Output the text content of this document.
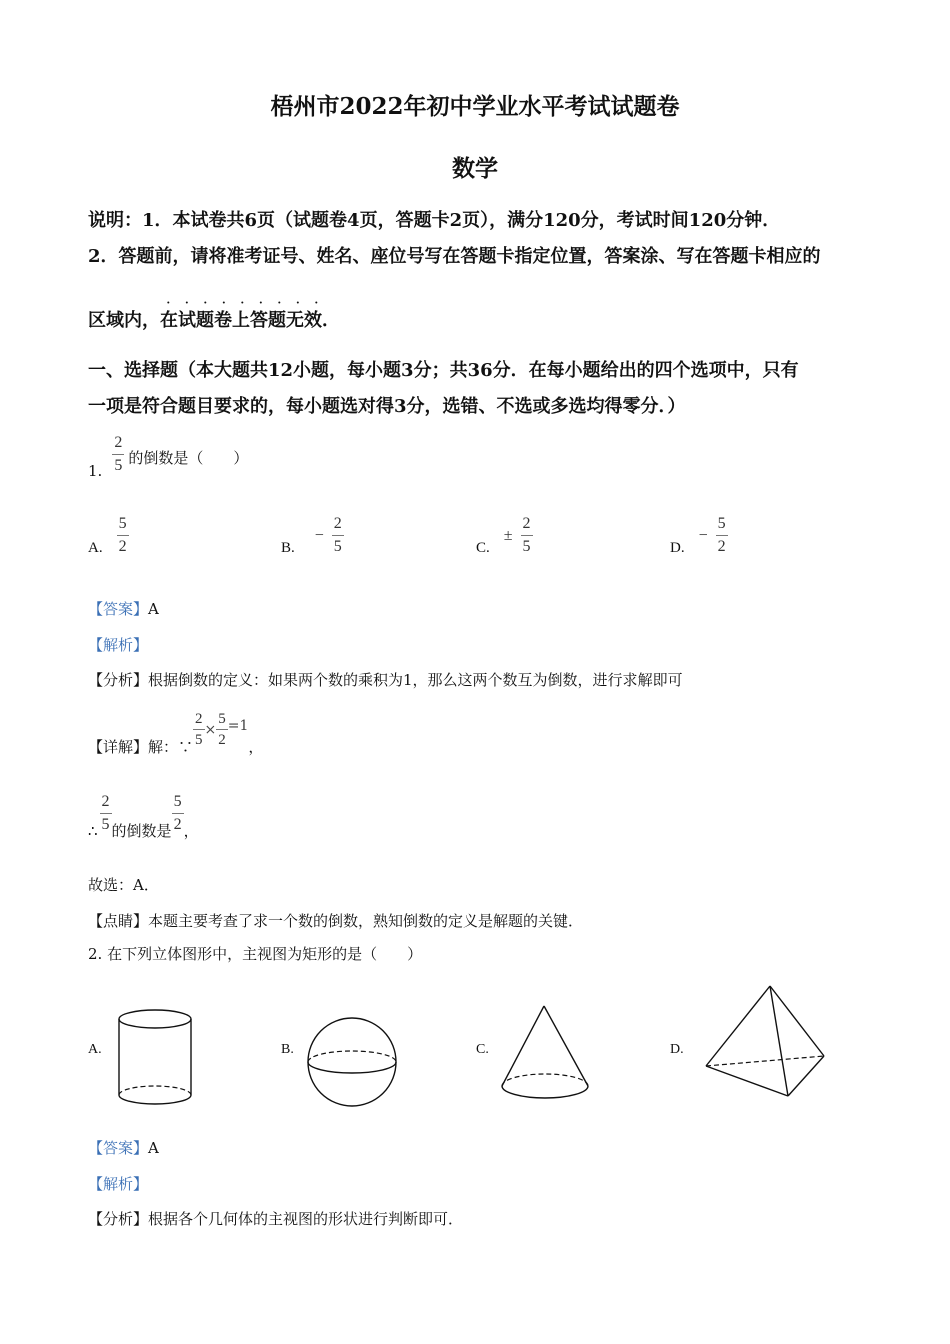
梧州市2022年初中学业水平考试试题卷
数学
说明：1．本试卷共6页（试题卷4页，答题卡2页），满分120分，考试时间120分钟．
2．答题前，请将准考证号、姓名、座位号写在答题卡指定位置，答案涂、写在答题卡相应的
．．．．．．．．．
区域内，在试题卷上答题无效．
一、选择题（本大题共12小题，每小题3分；共36分．在每小题给出的四个选项中，只有
一项是符合题目要求的，每小题选对得3分，选错、不选或多选均得零分．）
1. $\frac{2}{5}$ 的倒数是（　　）
A. $\frac{5}{2}$	B.
− $\frac{2}{5}$	C.
± $\frac{2}{5}$	D.
− $\frac{5}{2}$
【答案】A
【解析】
【分析】根据倒数的定义：如果两个数的乘积为1，那么这两个数互为倒数，进行求解即可
【详解】 解：∵ $\frac{2}{5} \times \frac{5}{2} =1$
，
∴ $\frac{2}{5}$ 的倒数是 $\frac{5}{2}$ ，
故选：A．
【点睛】本题主要考查了求一个数的倒数，熟知倒数的定义是解题的关键．
2. 在下列立体图形中，主视图为矩形的是（　　）
A.	B.	C.	D.
【答案】A
【解析】
【分析】根据各个几何体的主视图的形状进行判断即可．
